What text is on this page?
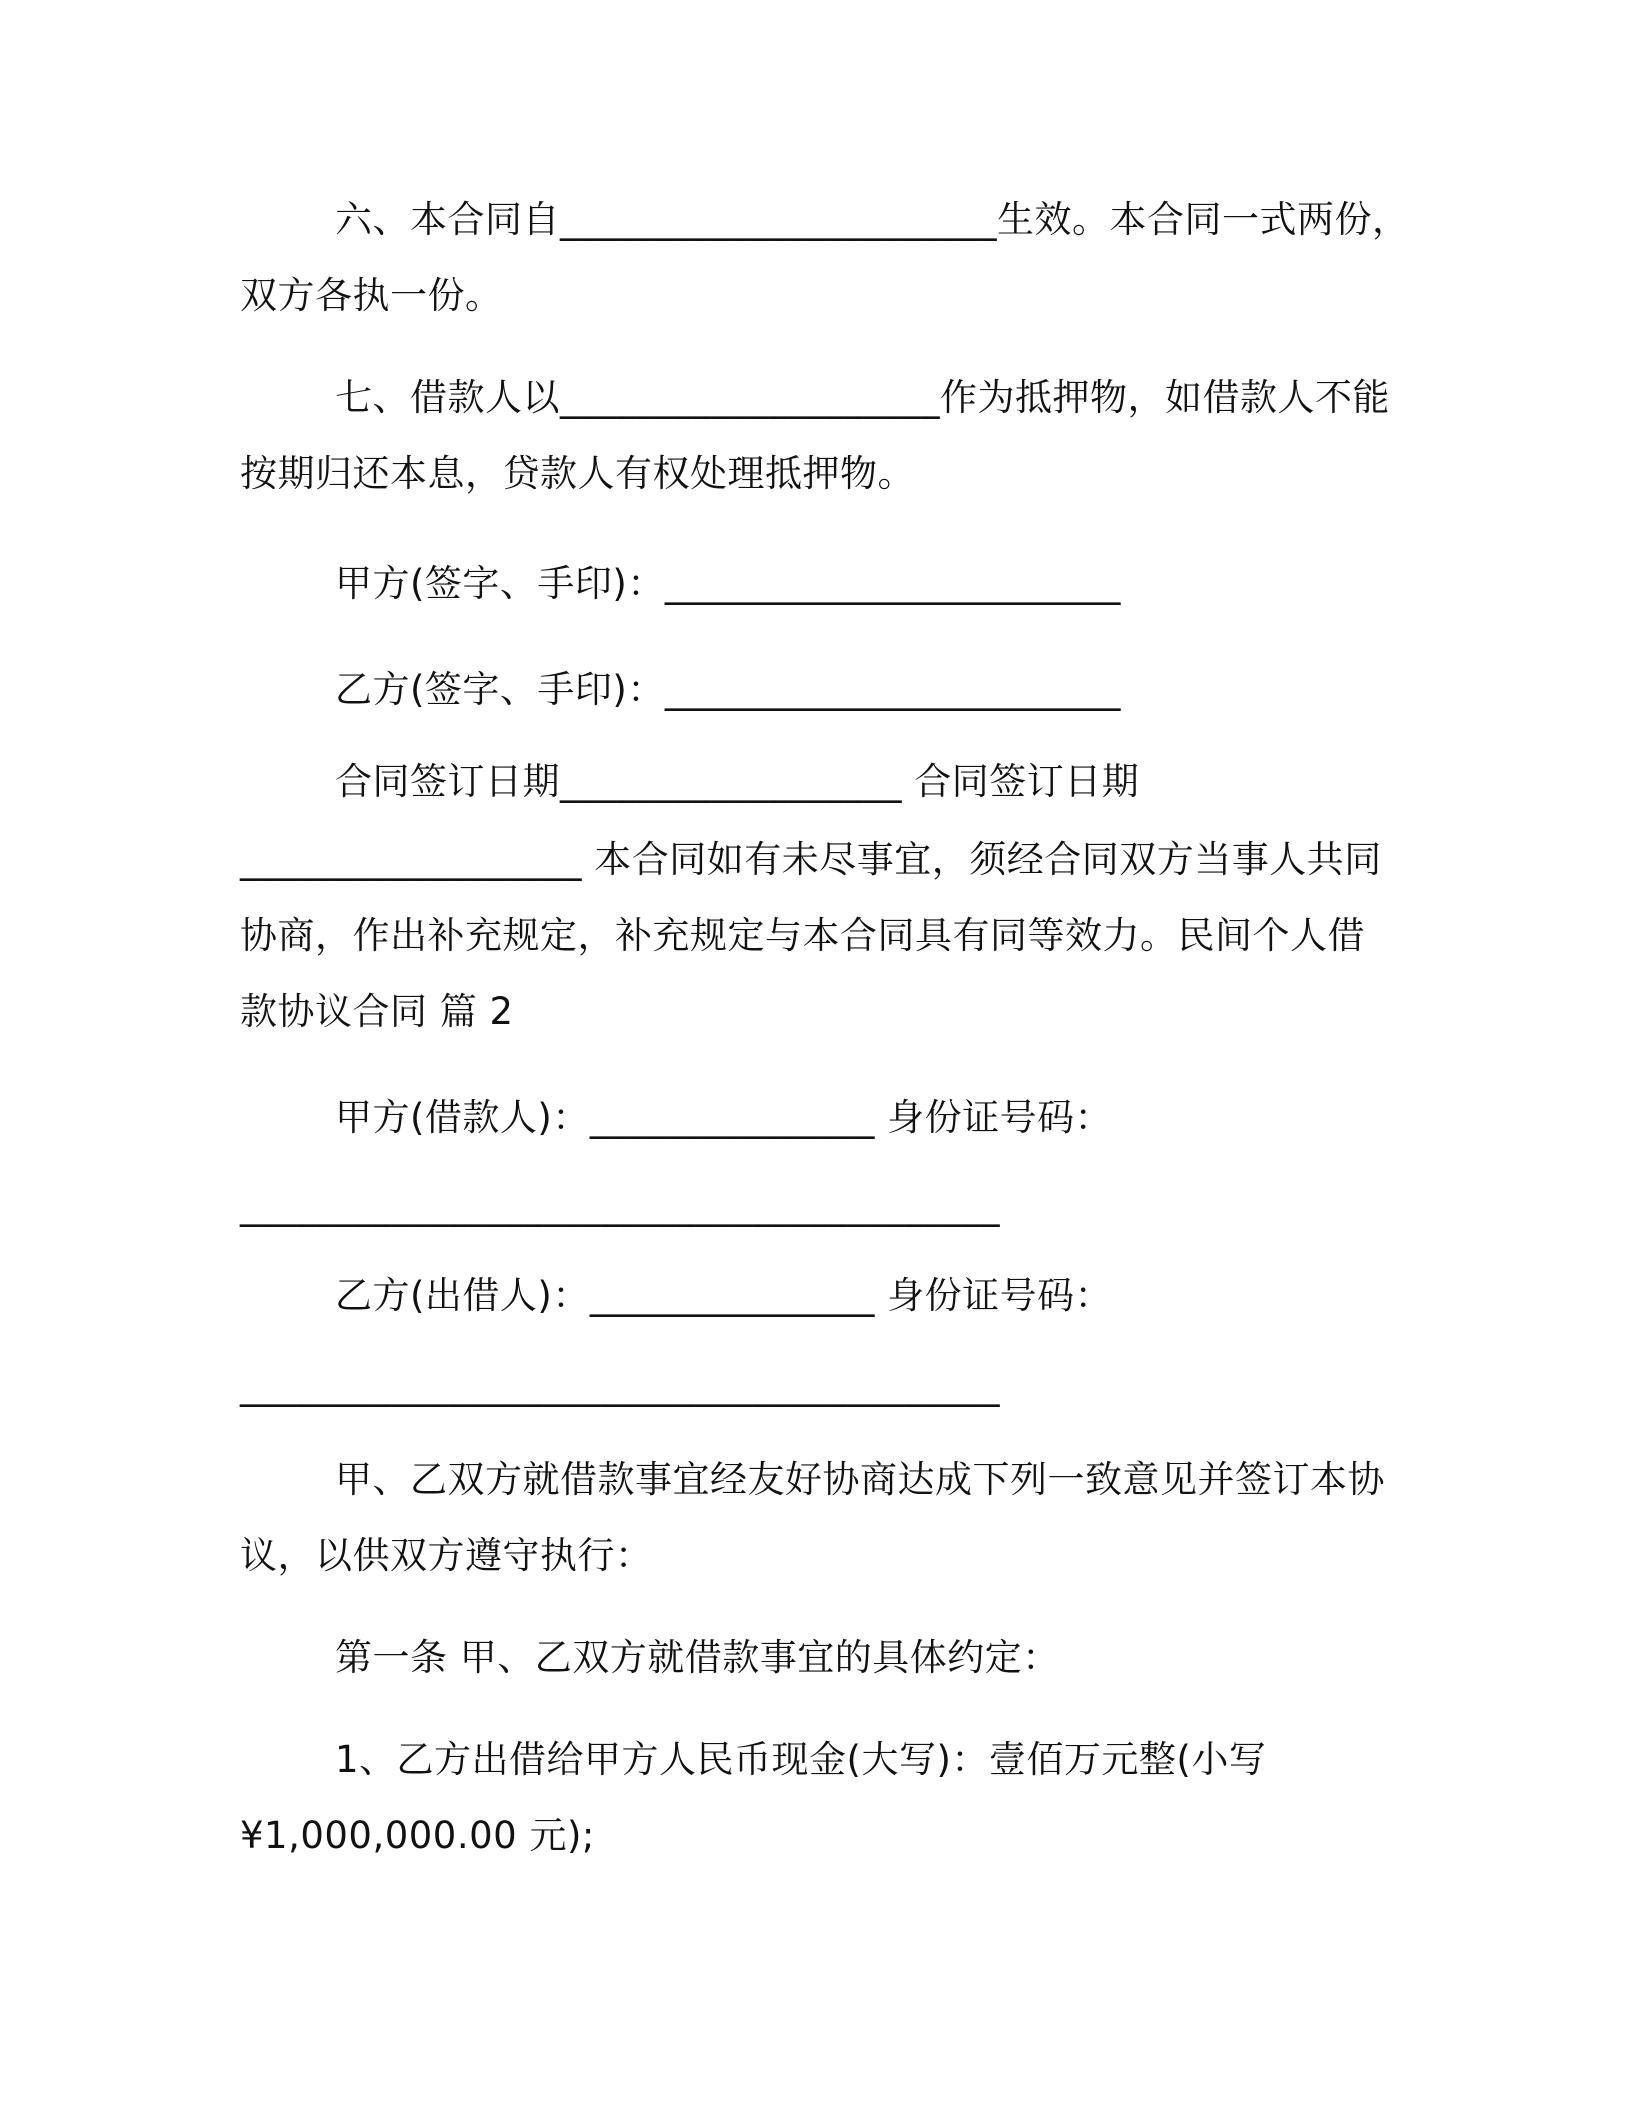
六、本合同自_______________________生效。本合同一式两份，
双方各执一份。
七、借款人以____________________作为抵押物，如借款人不能
按期归还本息，贷款人有权处理抵押物。
甲方(签字、手印)：________________________
乙方(签字、手印)：________________________
合同签订日期__________________ 合同签订日期
__________________ 本合同如有未尽事宜，须经合同双方当事人共同
协商，作出补充规定，补充规定与本合同具有同等效力。民间个人借
款协议合同 篇 2
甲方(借款人)：_______________ 身份证号码：
________________________________________
乙方(出借人)：_______________ 身份证号码：
________________________________________
甲、乙双方就借款事宜经友好协商达成下列一致意见并签订本协
议，以供双方遵守执行：
第一条 甲、乙双方就借款事宜的具体约定：
1、乙方出借给甲方人民币现金(大写)：壹佰万元整(小写
¥1,000,000.00 元);
